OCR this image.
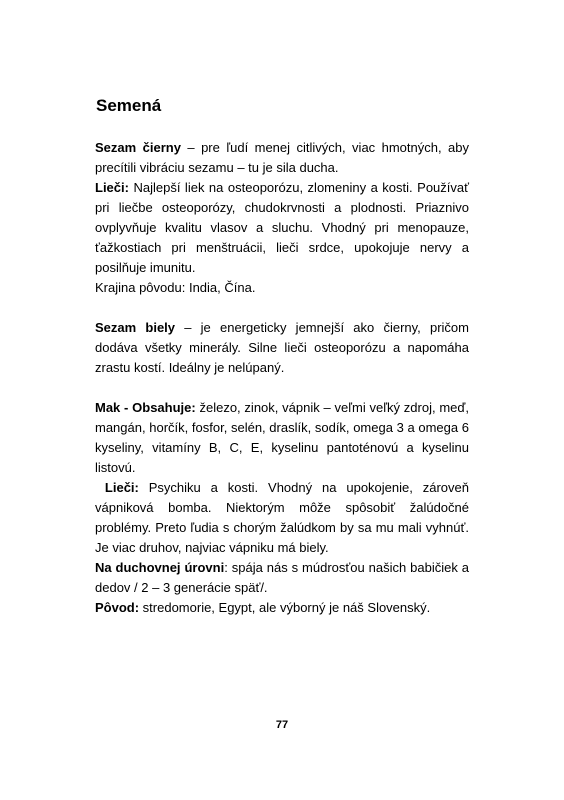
Semená

Sezam čierny – pre ľudí menej citlivých, viac hmotných, aby precítili vibráciu sezamu – tu je sila ducha.

Lieči: Najlepší liek na osteoporózu, zlomeniny a kosti. Používať pri liečbe osteoporózy, chudokrvnosti a plodnosti. Priaznivo ovplyvňuje kvalitu vlasov a sluchu. Vhodný pri menopauze, ťažkostiach pri menštruácii, lieči srdce, upokojuje nervy a posilňuje imunitu.

Krajina pôvodu: India, Čína.

Sezam biely – je energeticky jemnejší ako čierny, pričom dodáva všetky minerály. Silne lieči osteoporózu a napomáha zrastu kostí. Ideálny je nelúpaný.

Mak - Obsahuje: železo, zinok, vápnik – veľmi veľký zdroj, meď, mangán, horčík, fosfor, selén, draslík, sodík, omega 3 a omega 6 kyseliny, vitamíny B, C, E, kyselinu pantoténovú a kyselinu listovú.

Lieči: Psychiku a kosti. Vhodný na upokojenie, zároveň vápniková bomba. Niektorým môže spôsobiť žalúdočné problémy. Preto ľudia s chorým žalúdkom by sa mu mali vyhnúť. Je viac druhov, najviac vápniku má biely.

Na duchovnej úrovni: spája nás s múdrosťou našich babičiek a dedov / 2 – 3 generácie späť/.

Pôvod: stredomorie, Egypt, ale výborný je náš Slovenský.

77
